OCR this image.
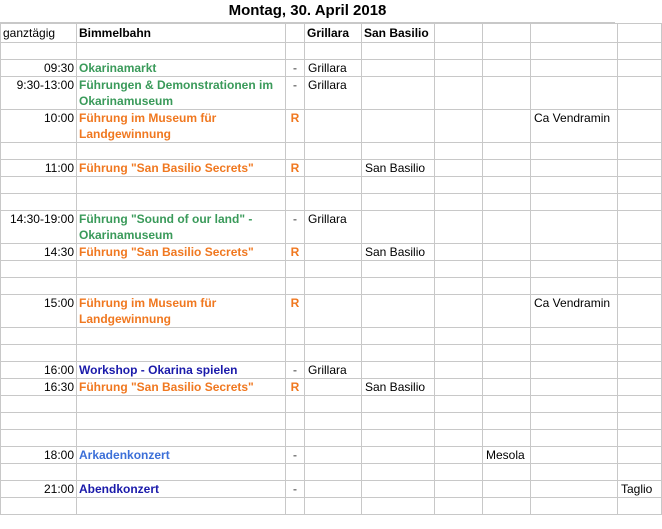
Montag, 30. April 2018
ganztägig	Bimmelbahn		Grillara	San Basilio				

09:30	Okarinamarkt	-	Grillara					
9:30-13:00	Führungen & Demonstrationen im Okarinamuseum	-	Grillara					
10:00	Führung im Museum für Landgewinnung	R					Ca Vendramin	

11:00	Führung "San Basilio Secrets"	R		San Basilio				

14:30-19:00	Führung "Sound of our land" - Okarinamuseum	-	Grillara					
14:30	Führung "San Basilio Secrets"	R		San Basilio				

15:00	Führung im Museum für Landgewinnung	R					Ca Vendramin	

16:00	Workshop - Okarina spielen	-	Grillara					
16:30	Führung "San Basilio Secrets"	R		San Basilio				

18:00	Arkadenkonzert	-				Mesola		

21:00	Abendkonzert	-						Taglio
